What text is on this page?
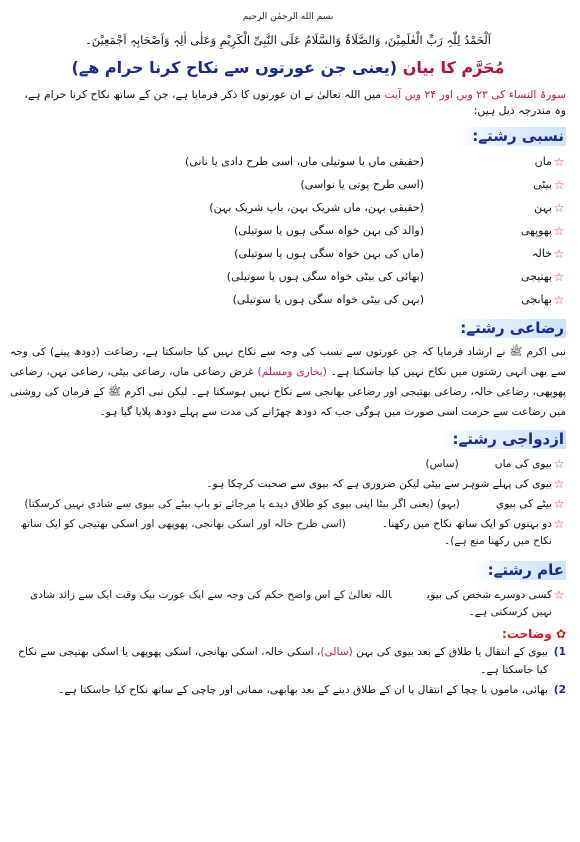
بسم الله الرحمٰن الرحیم
اَلْحَمْدُ لِلّٰہِ رَبِّ الْعٰلَمِیْنَ، وَالصَّلَاۃُ وَالسَّلَامُ عَلَی النَّبِیِّ الْکَرِیْمِ وَعَلٰی اٰلِہٖ وَاَصْحَابِہٖ اَجْمَعِیْنَ۔
مُحَرَّم کا بیان (یعنی جن عورتوں سے نکاح کرنا حرام ھے)
سورۃ النساء کی ۲۳ ویں اور ۲۴ ویں آیت میں اللہ تعالیٰ نے ان عورتوں کا ذکر فرمایا ہے، جن کے ساتھ نکاح کرنا حرام ہے، وہ مندرجہ ذیل ہیں:
نسبی رشتے:
☆
ماں
(حقیقی ماں یا سوتیلی ماں، اسی طرح دادی یا نانی)
☆
بیٹی
(اسی طرح پوتی یا نواسی)
☆
بہن
(حقیقی بہن، ماں شریک بہن، باپ شریک بہن)
☆
پھوپھی
(والد کی بہن خواہ سگی ہوں یا سوتیلی)
☆
خالہ
(ماں کی بہن خواہ سگی ہوں یا سوتیلی)
☆
بھتیجی
(بھائی کی بیٹی خواہ سگی ہوں یا سوتیلی)
☆
بھانجی
(بہن کی بیٹی خواہ سگی ہوں یا سوتیلی)
رضاعی رشتے:
نبی اکرم ﷺ نے ارشاد فرمایا کہ جن عورتوں سے نسب کی وجہ سے نکاح نہیں کیا جاسکتا ہے، رضاعت (دودھ پینے) کی وجہ سے بھی انہی رشتوں میں نکاح نہیں کیا جاسکتا ہے۔ (بخاری ومسلم) غرض رضاعی ماں، رضاعی بیٹی، رضاعی بہن، رضاعی پھوپھی، رضاعی خالہ، رضاعی بھتیجی اور رضاعی بھانجی سے نکاح نہیں ہوسکتا ہے۔ لیکن نبی اکرم ﷺ کے فرمان کی روشنی میں رضاعت سے حرمت اسی صورت میں ہوگی جب کہ دودھ چھڑانے کی مدت سے پہلے دودھ پلایا گیا ہو۔
ازدواجی رشتے:
☆
بیوی کی ماں(ساس)
☆
بیوی کی پہلے شوہر سے بیٹی لیکن ضروری ہے کہ بیوی سے صحبت کرچکا ہو۔
☆
بیٹے کی بیوی(بہو) (یعنی اگر بیٹا اپنی بیوی کو طلاق دیدے یا مرجائے تو باپ بیٹے کی بیوی سے شادی نہیں کرسکتا)
☆
دو بہنوں کو ایک ساتھ نکاح میں رکھنا۔(اسی طرح خالہ اور اسکی بھانجی، پھوپھی اور اسکی بھتیجی کو ایک ساتھ نکاح میں رکھنا منع ہے)۔
عام رشتے:
☆
کسی دوسرے شخص کی بیویاللہ تعالیٰ کے اس واضح حکم کی وجہ سے ایک عورت بیک وقت ایک سے زائد شادی نہیں کرسکتی ہے۔
✿ وضاحت:
1)
بیوی کے انتقال یا طلاق کے بعد بیوی کی بہن (سالی)، اسکی خالہ، اسکی بھانجی، اسکی پھوپھی یا اسکی بھتیجی سے نکاح کیا جاسکتا ہے۔
2)
بھائی، ماموں یا چچا کے انتقال یا ان کے طلاق دینے کے بعد بھابھی، ممانی اور چاچی کے ساتھ نکاح کیا جاسکتا ہے۔
